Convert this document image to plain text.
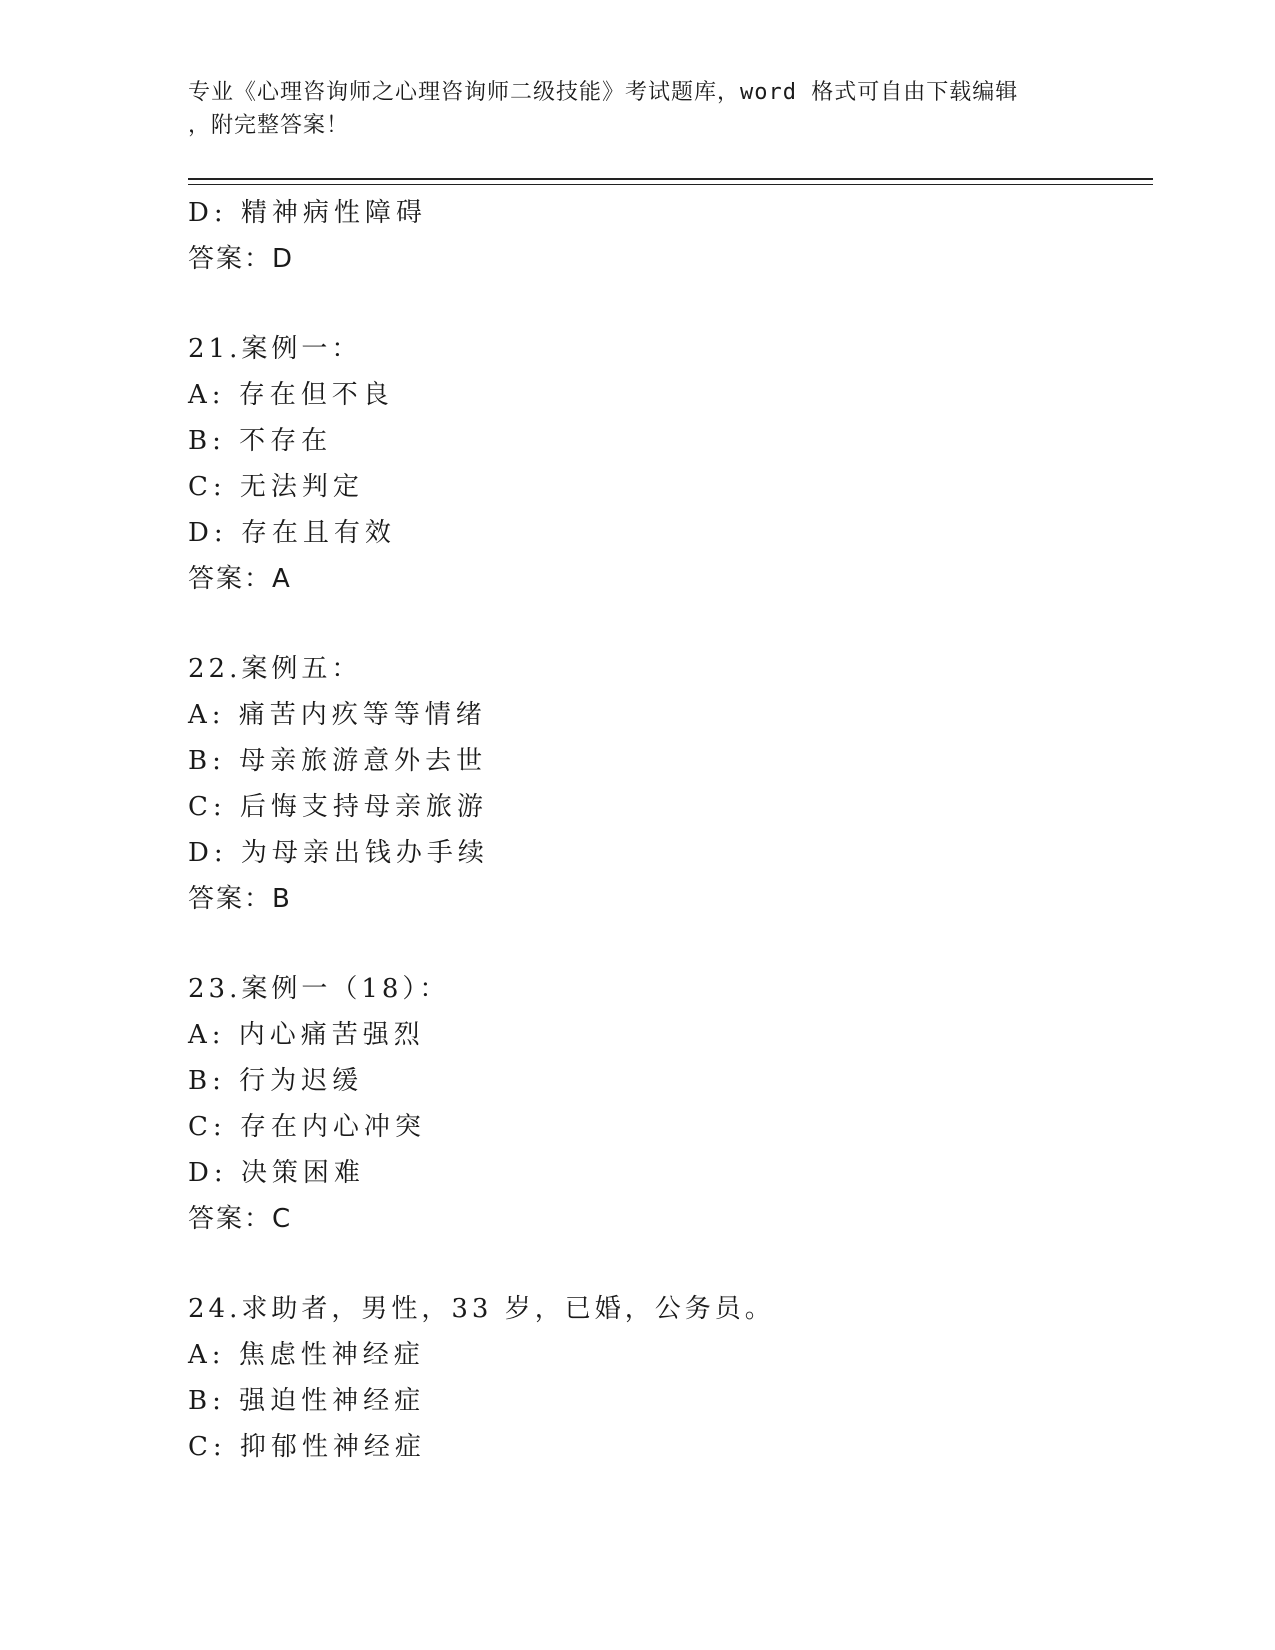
专业《心理咨询师之心理咨询师二级技能》考试题库，word 格式可自由下载编辑
，附完整答案！
D: 精神病性障碍
答案：D
21.案例一：
A: 存在但不良
B: 不存在
C: 无法判定
D: 存在且有效
答案：A
22.案例五：
A: 痛苦内疚等等情绪
B: 母亲旅游意外去世
C: 后悔支持母亲旅游
D: 为母亲出钱办手续
答案：B
23.案例一（18）：
A: 内心痛苦强烈
B: 行为迟缓
C: 存在内心冲突
D: 决策困难
答案：C
24.求助者，男性，33 岁，已婚，公务员。
A: 焦虑性神经症
B: 强迫性神经症
C: 抑郁性神经症
